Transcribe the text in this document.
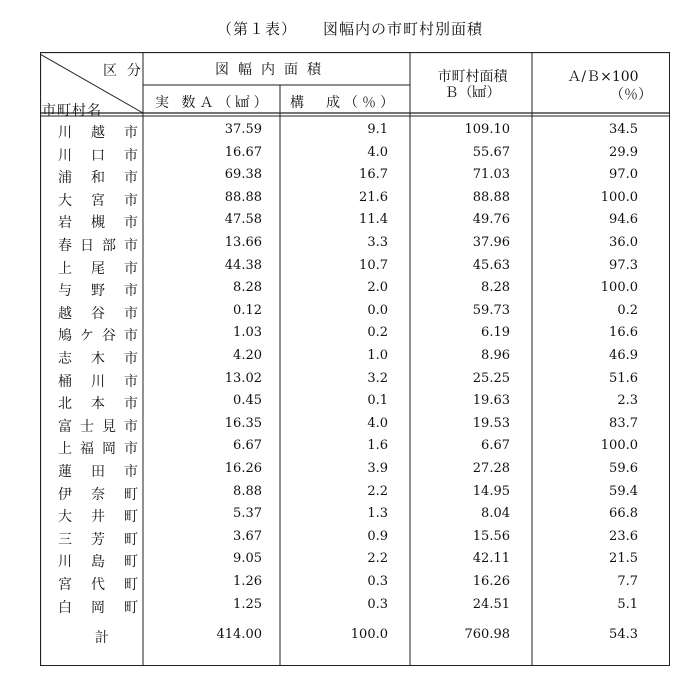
（第１表） 図幅内の市町村別面積
区分
市町村名
図幅内面積
実 数Ａ（㎢） 構　成（％）
市町村面積
Ｂ（㎢）
Ａ/Ｂ×100
（％）
川 越 市	37.59	9.1	109.10	34.5
川 口 市	16.67	4.0	55.67	29.9
浦 和 市	69.38	16.7	71.03	97.0
大 宮 市	88.88	21.6	88.88	100.0
岩 槻 市	47.58	11.4	49.76	94.6
春 日 部 市	13.66	3.3	37.96	36.0
上 尾 市	44.38	10.7	45.63	97.3
与 野 市	8.28	2.0	8.28	100.0
越 谷 市	0.12	0.0	59.73	0.2
鳩 ケ 谷 市	1.03	0.2	6.19	16.6
志 木 市	4.20	1.0	8.96	46.9
桶 川 市	13.02	3.2	25.25	51.6
北 本 市	0.45	0.1	19.63	2.3
富 士 見 市	16.35	4.0	19.53	83.7
上 福 岡 市	6.67	1.6	6.67	100.0
蓮 田 市	16.26	3.9	27.28	59.6
伊 奈 町	8.88	2.2	14.95	59.4
大 井 町	5.37	1.3	8.04	66.8
三 芳 町	3.67	0.9	15.56	23.6
川 島 町	9.05	2.2	42.11	21.5
宮 代 町	1.26	0.3	16.26	7.7
白 岡 町	1.25	0.3	24.51	5.1
計	414.00	100.0	760.98	54.3
